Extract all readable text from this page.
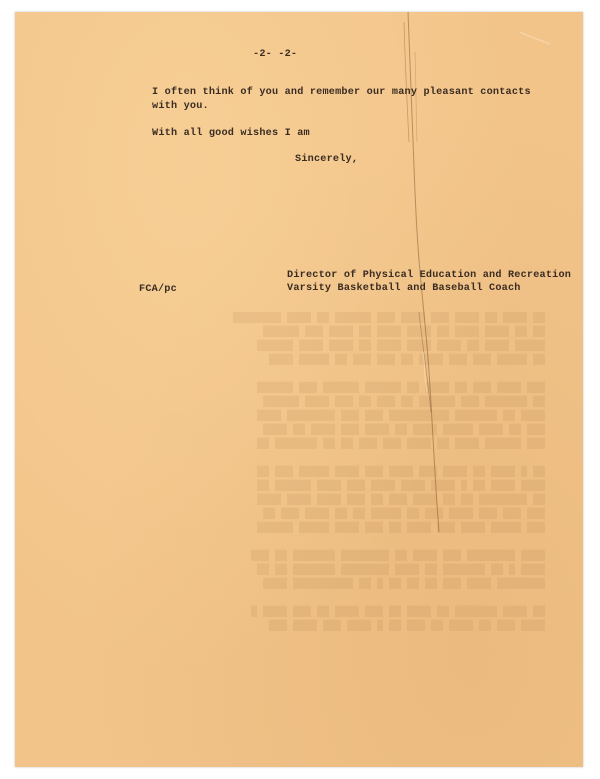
██ ████ ██ ████ ███ ████ ███ ██████ ██ ████ ████████
██ ██ ████ ████ ██ ████ ████ ██ ████ ███ ██████
█████ ████ ██ ████ ████ ████ ██ ████ ████ ██████
██ █████ ███ ███ ████ ██ ███ ███ ██ █████ ████

███ ████ ███ ██ ████ ██ ██████ ██████ ███ ██████
██ ███████ ███ ██████ ██ ███ ██ ███ ████ ██████
████ ██ ███████ ██████████ ███ ███ ████████ ████
███ ██ ████ █████ ████ ██ ████ ███ ████ ██ ████
███ ██████ ████ ██ ████ ███ ███ ██ ██ ███████ ██

██ █ ████ ██ ████ ███ ████ ███ ████ █████ ███ ██
████ ████ ██ █ ████ ████ ████ ███ ████ ██████ ██
██ ████████ ██ ██ ████ ███ ██ ███ ████ ████ ████
███ ███ ███ ████ ███ ██ █████ ██ ██ ████ ███ ██
███ █████ ████ ███ ████ ██ ███ ████ █████ ██████

████ ████████ ███ ████ ██ ████████ ███████ ██ ███
████ █ ██ ███████ ██ ████ ████████ ███████ ██ ██
████████ ████ ███ ██ ██ ██ █ ██ ██████████ ████

██ ████ ███████ ██ ████ ██ ███ ████ ██ ███ ████ █
████ ███ ██ ████ ██ ███ ██ █ ████ ███ ████ ███
-2- -2-
I often think of you and remember our many pleasant contacts
with you.
With all good wishes I am
Sincerely,
Director of Physical Education and Recreation
Varsity Basketball and Baseball Coach
FCA/pc
